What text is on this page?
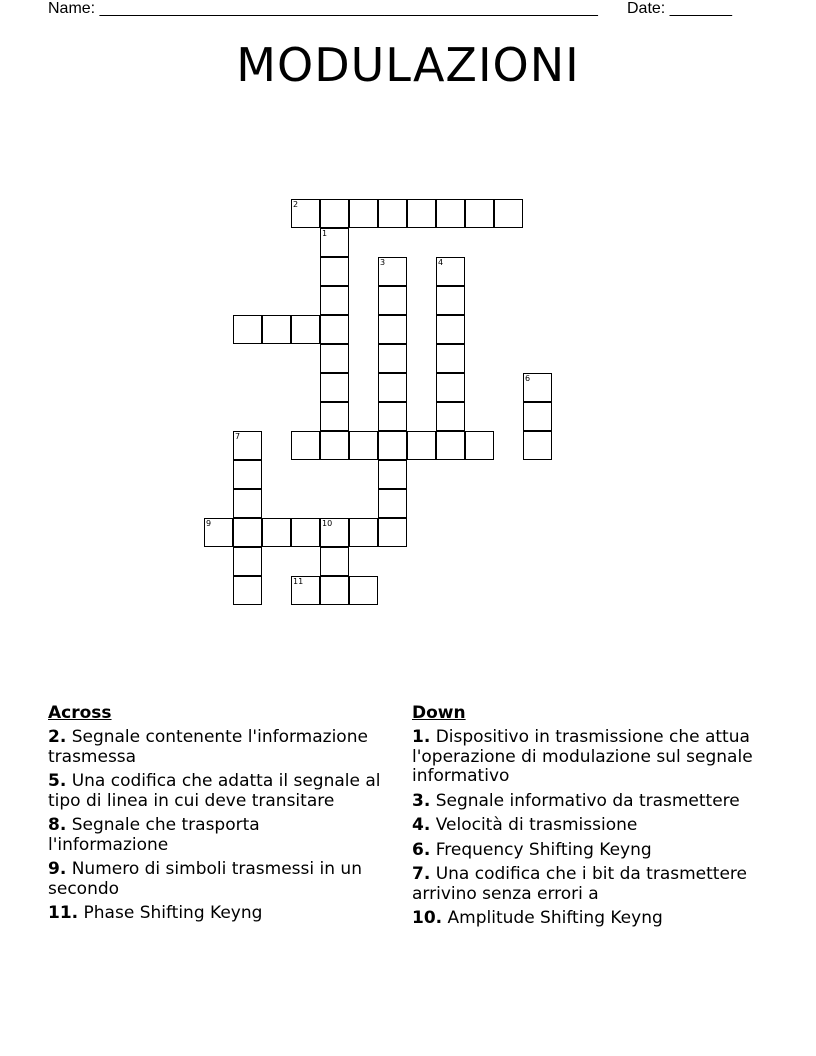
Name: ________________________________________________________ Date: _______
MODULAZIONI
1
2
3	4
6
7
9	10
11
Across
2. Segnale contenente l'informazione trasmessa
5. Una codifica che adatta il segnale al tipo di linea in cui deve transitare
8. Segnale che trasporta l'informazione
9. Numero di simboli trasmessi in un secondo
11. Phase Shifting Keyng
Down
1. Dispositivo in trasmissione che attua l'operazione di modulazione sul segnale informativo
3. Segnale informativo da trasmettere
4. Velocità di trasmissione
6. Frequency Shifting Keyng
7. Una codifica che i bit da trasmettere arrivino senza errori a
10. Amplitude Shifting Keyng
